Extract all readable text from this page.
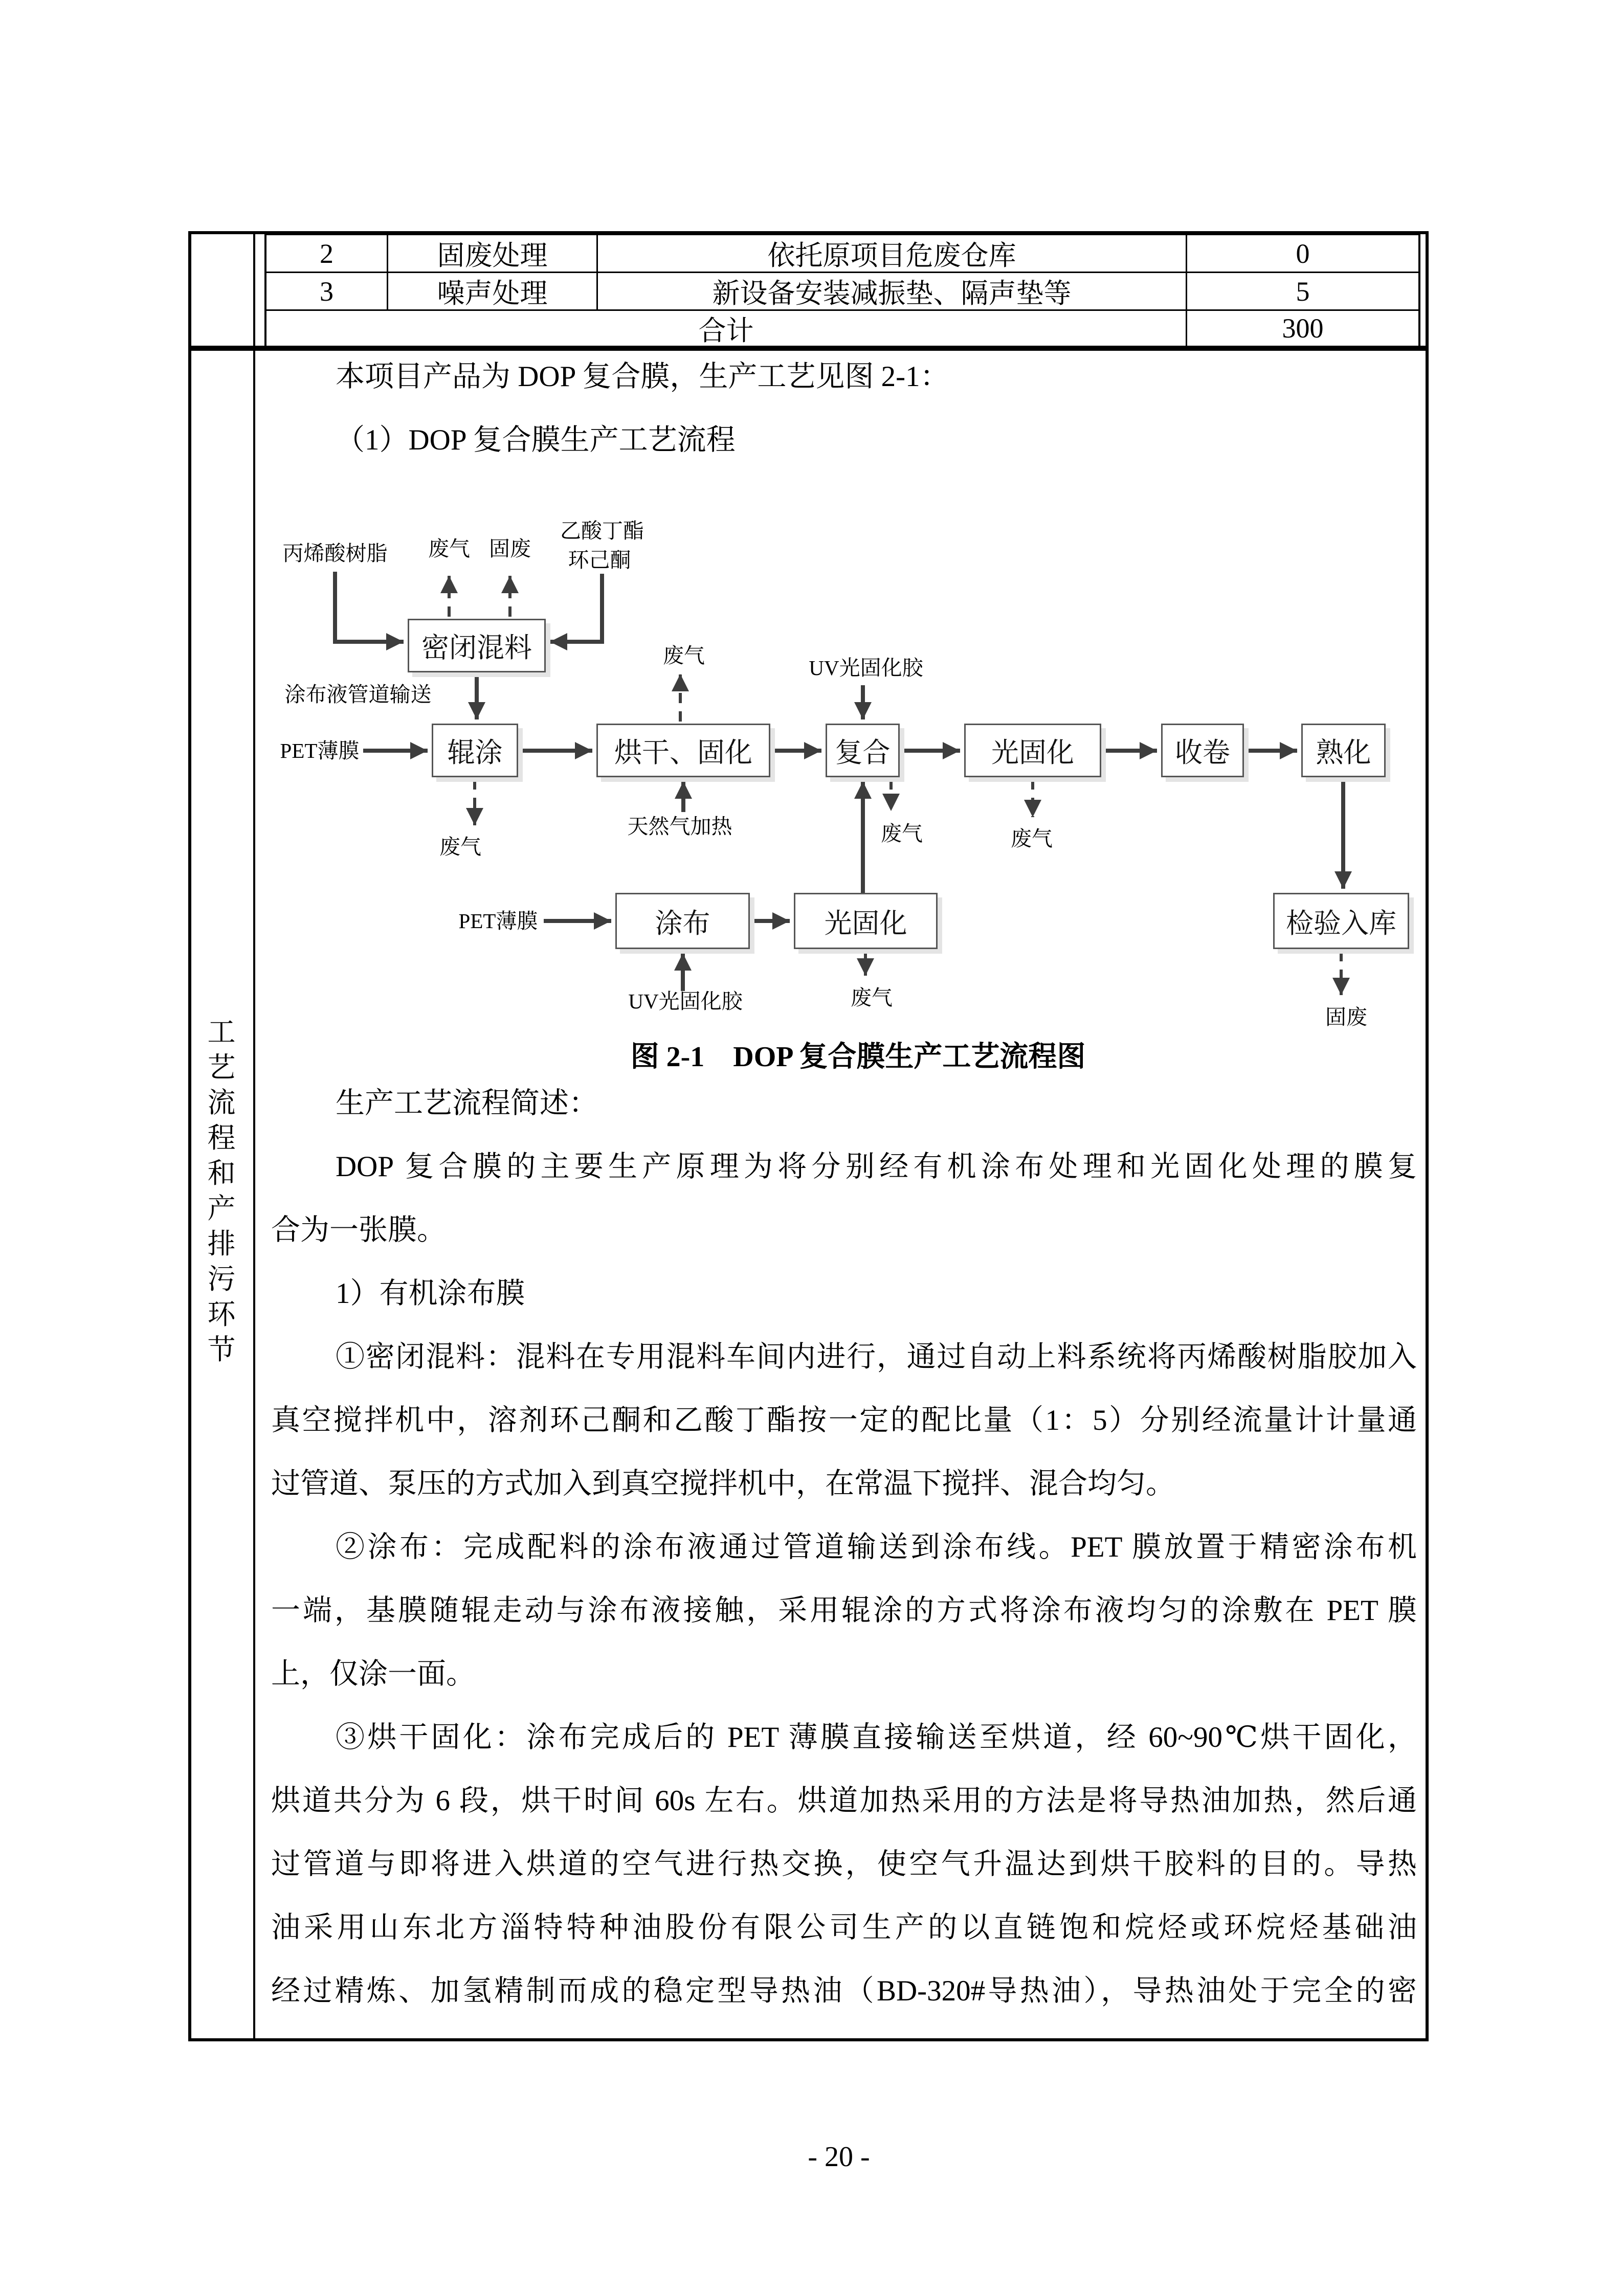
2	固废处理	依托原项目危废仓库	0
3	噪声处理	新设备安装减振垫、隔声垫等	5
合计	300
工
艺
流
程
和
产
排
污
环
节
本项目产品为 DOP 复合膜，生产工艺见图 2-1：
（1）DOP 复合膜生产工艺流程
密闭混料
辊涂	烘干、固化	复合	光固化	收卷	熟化
涂布	光固化	检验入库
丙烯酸树脂 废气 固废
乙酸丁酯
环己酮
涂布液管道输送
PET薄膜
废气
天然气加热
废气
UV光固化胶
废气	废气
PET薄膜
UV光固化胶	废气
固废
图 2-1　DOP 复合膜生产工艺流程图
生产工艺流程简述：
DOP 复合膜的主要生产原理为将分别经有机涂布处理和光固化处理的膜复
合为一张膜。
1）有机涂布膜
①密闭混料：混料在专用混料车间内进行，通过自动上料系统将丙烯酸树脂胶加入
真空搅拌机中，溶剂环己酮和乙酸丁酯按一定的配比量（1：5）分别经流量计计量通
过管道、泵压的方式加入到真空搅拌机中，在常温下搅拌、混合均匀。
②涂布：完成配料的涂布液通过管道输送到涂布线。PET 膜放置于精密涂布机
一端，基膜随辊走动与涂布液接触，采用辊涂的方式将涂布液均匀的涂敷在 PET 膜
上，仅涂一面。
③烘干固化：涂布完成后的 PET 薄膜直接输送至烘道，经 60~90℃烘干固化，
烘道共分为 6 段，烘干时间 60s 左右。烘道加热采用的方法是将导热油加热，然后通
过管道与即将进入烘道的空气进行热交换，使空气升温达到烘干胶料的目的。导热
油采用山东北方淄特特种油股份有限公司生产的以直链饱和烷烃或环烷烃基础油
经过精炼、加氢精制而成的稳定型导热油（BD-320#导热油），导热油处于完全的密
- 20 -
